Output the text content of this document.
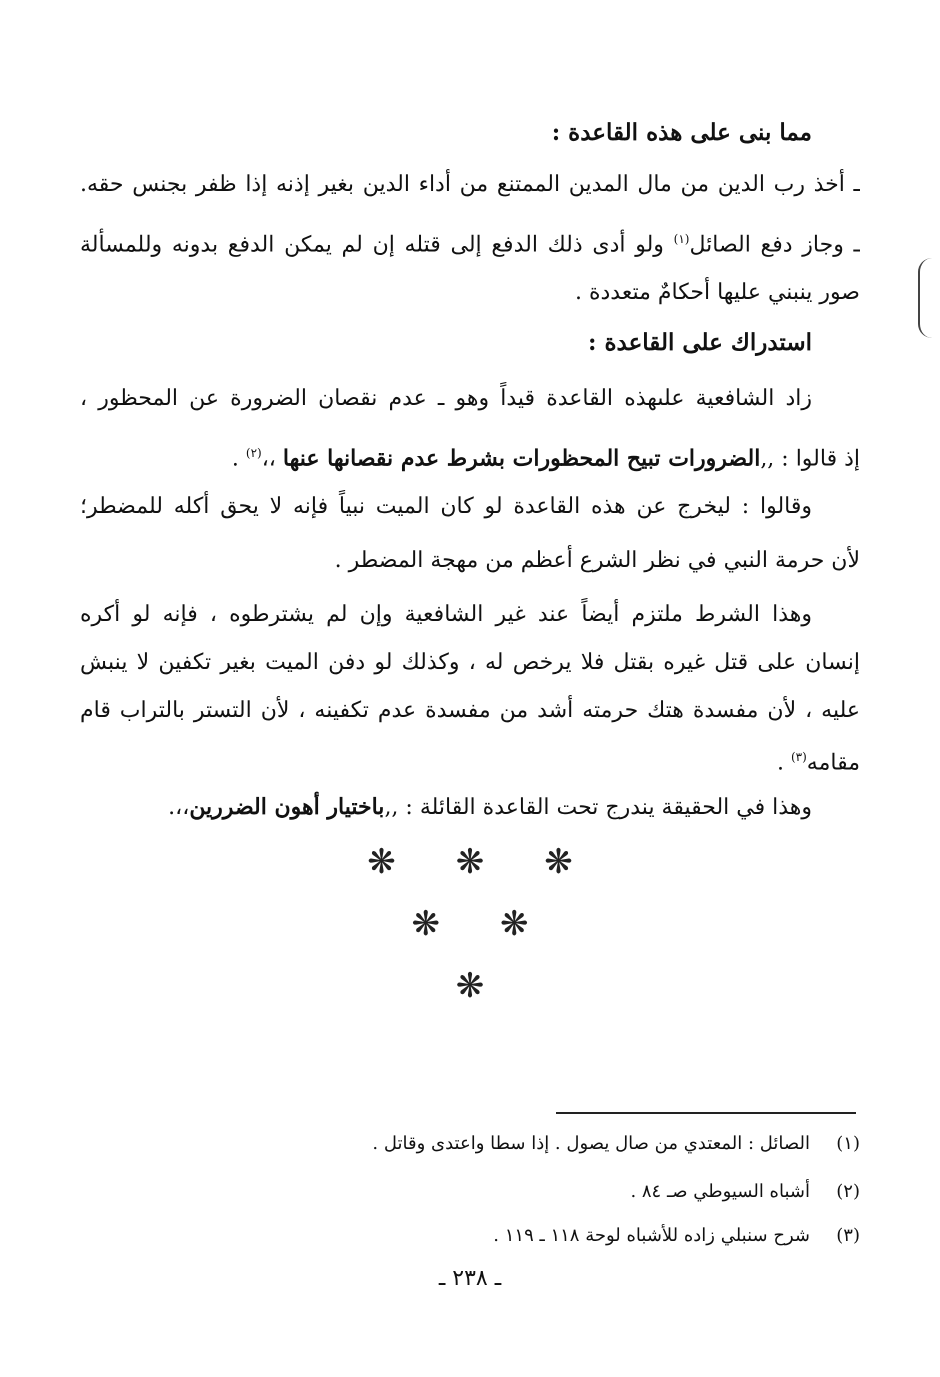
مما بنى على هذه القاعدة :
ـ أخذ رب الدين من مال المدين الممتنع من أداء الدين بغير إذنه إذا ظفر بجنس حقه.
ـ وجاز دفع الصائل$^{(١)}$ ولو أدى ذلك الدفع إلى قتله إن لم يمكن الدفع بدونه وللمسألة
صور ينبني عليها أحكامٌ متعددة .
استدراك على القاعدة :
زاد الشافعية علىهذه القاعدة قيداً وهو ـ عدم نقصان الضرورة عن المحظور ،
إذ قالوا : ,,الضرورات تبيح المحظورات بشرط عدم نقصانها عنها ،،$^{(٢)}$ .
وقالوا : ليخرج عن هذه القاعدة لو كان الميت نبياً فإنه لا يحق أكله للمضطر؛
لأن حرمة النبي في نظر الشرع أعظم من مهجة المضطر .
وهذا الشرط ملتزم أيضاً عند غير الشافعية وإن لم يشترطوه ، فإنه لو أكره
إنسان على قتل غيره بقتل فلا يرخص له ، وكذلك لو دفن الميت بغير تكفين لا ينبش
عليه ، لأن مفسدة هتك حرمته أشد من مفسدة عدم تكفينه ، لأن التستر بالتراب قام
مقامه$^{(٣)}$ .
وهذا في الحقيقة يندرج تحت القاعدة القائلة : ,,باختيار أهون الضررين،،.
❋ ❋ ❋
❋ ❋
❋
(١)الصائل : المعتدي من صال يصول . إذا سطا واعتدى وقاتل .
(٢)أشباه السيوطي صـ ٨٤ .
(٣)شرح سنبلي زاده للأشباه لوحة ١١٨ ـ ١١٩ .
ـ ٢٣٨ ـ
